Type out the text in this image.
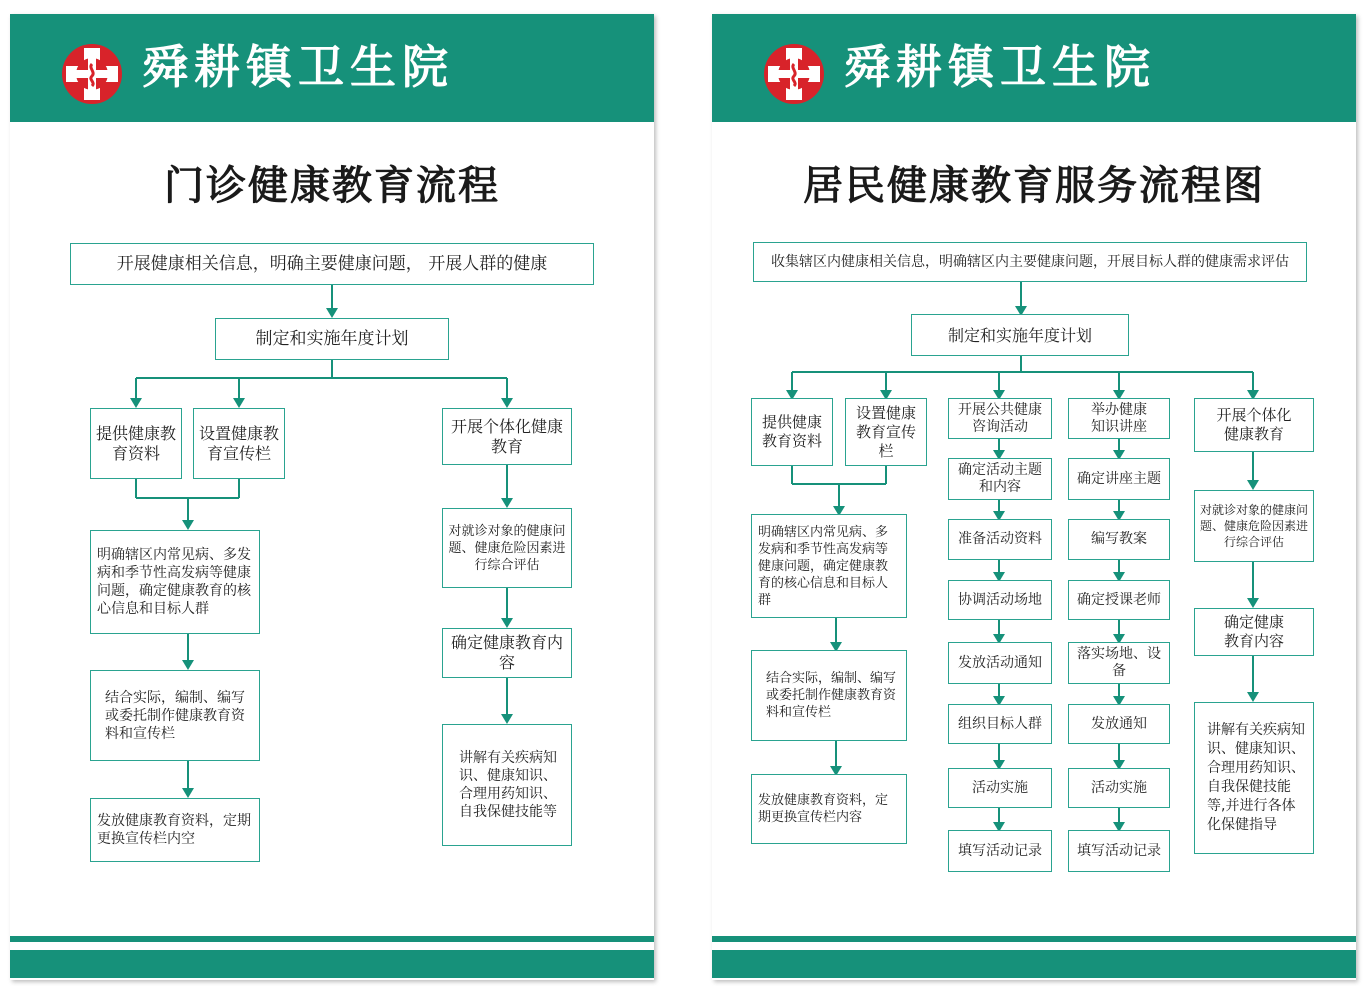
舜耕镇卫生院
门诊健康教育流程
开展健康相关信息，明确主要健康问题， 开展人群的健康
制定和实施年度计划
提供健康教育资料
设置健康教育宣传栏
开展个体化健康教育
明确辖区内常见病、多发病和季节性高发病等健康问题，确定健康教育的核心信息和目标人群
结合实际，编制、编写或委托制作健康教育资料和宣传栏
发放健康教育资料，定期更换宣传栏内空
对就诊对象的健康问题、健康危险因素进行综合评估
确定健康教育内容
讲解有关疾病知识、健康知识、合理用药知识、自我保健技能等
舜耕镇卫生院
居民健康教育服务流程图
收集辖区内健康相关信息，明确辖区内主要健康问题，开展目标人群的健康需求评估
制定和实施年度计划
提供健康教育资料
设置健康教育宣传栏
明确辖区内常见病、多发病和季节性高发病等健康问题，确定健康教育的核心信息和目标人群
结合实际，编制、编写或委托制作健康教育资料和宣传栏
发放健康教育资料，定期更换宣传栏内容
开展公共健康咨询活动
确定活动主题和内容
准备活动资料
协调活动场地
发放活动通知
组织目标人群
活动实施
填写活动记录
举办健康知识讲座
确定讲座主题
编写教案
确定授课老师
落实场地、设备
发放通知
活动实施
填写活动记录
开展个体化健康教育
对就诊对象的健康问题、健康危险因素进行综合评估
确定健康教育内容
讲解有关疾病知识、健康知识、合理用药知识、自我保健技能等,并进行各体化保健指导
